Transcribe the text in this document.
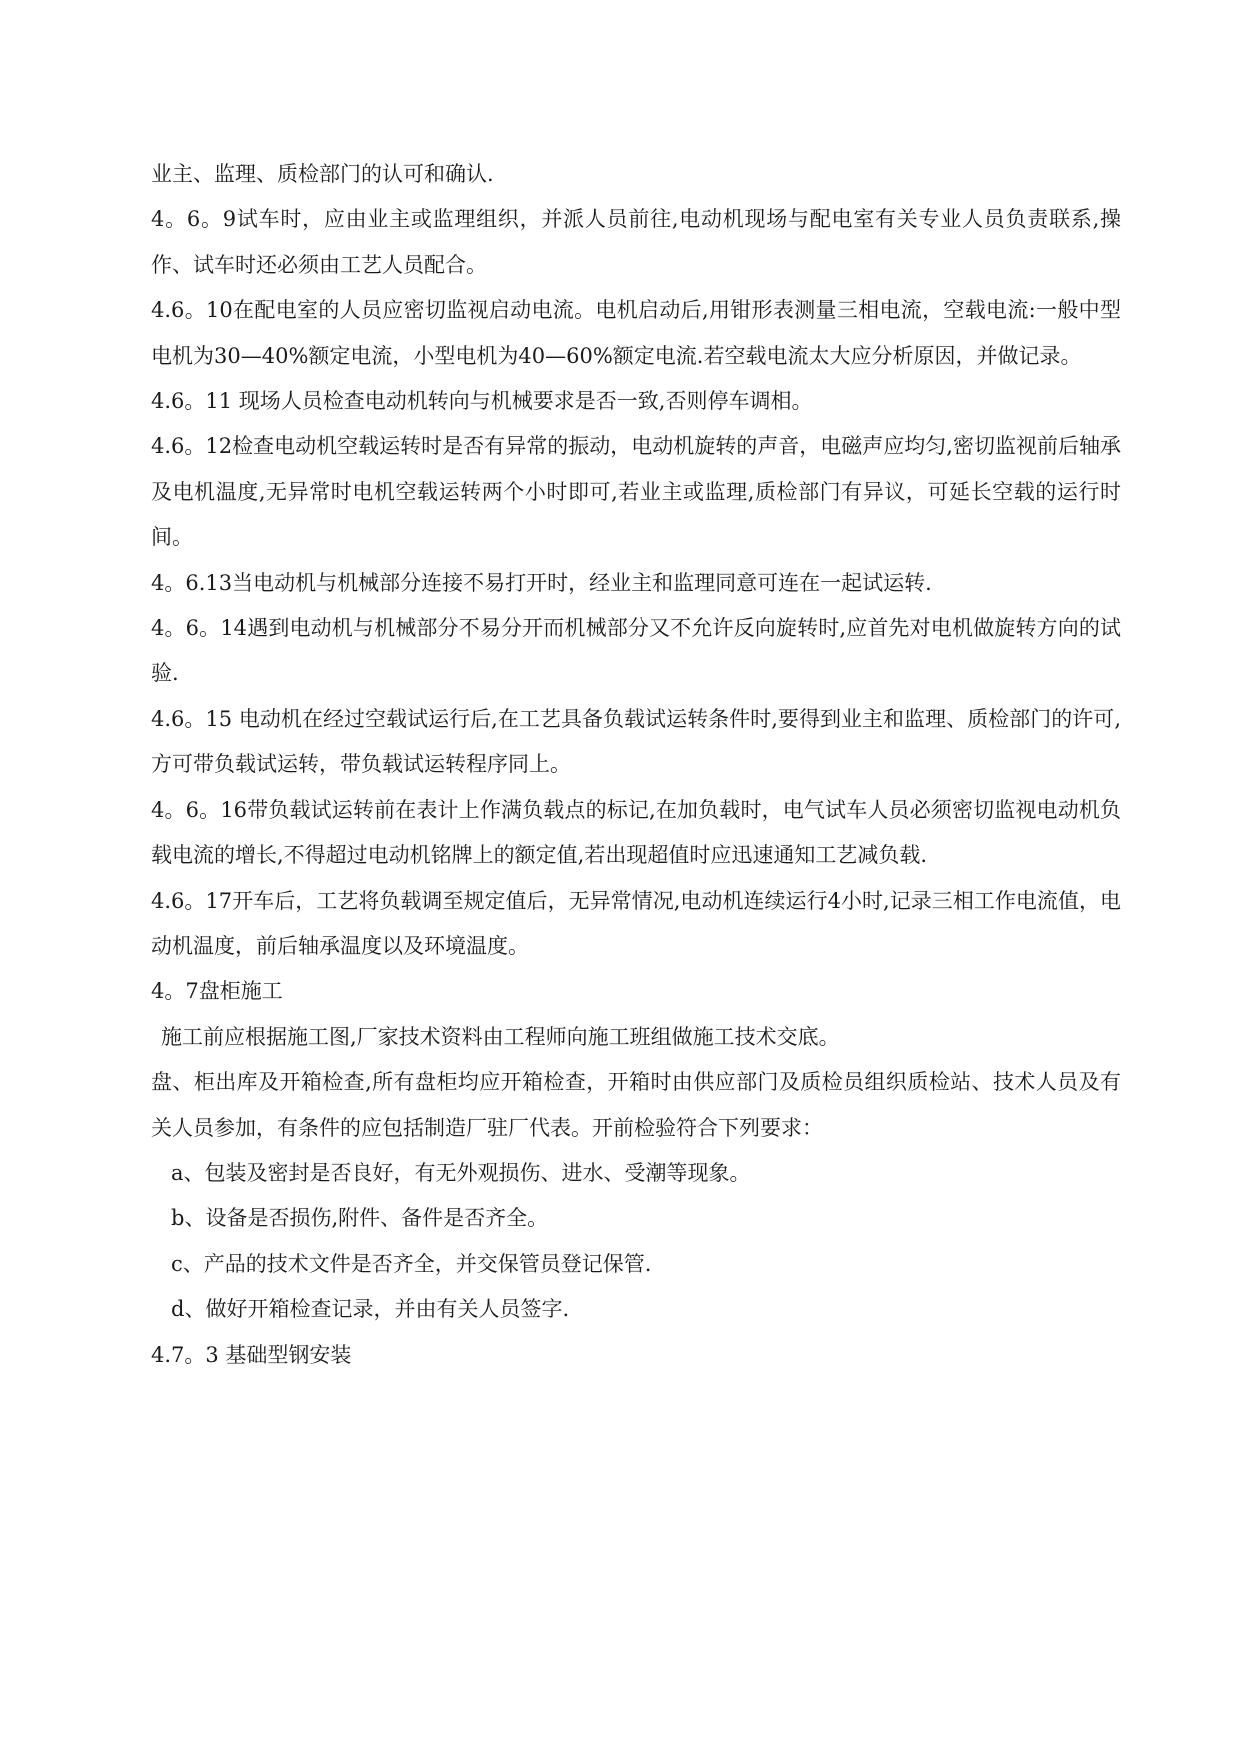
业主、监理、质检部门的认可和确认.

4。6。9试车时，应由业主或监理组织，并派人员前往,电动机现场与配电室有关专业人员负责联系,操作、试车时还必须由工艺人员配合。

4.6。10在配电室的人员应密切监视启动电流。电机启动后,用钳形表测量三相电流，空载电流:一般中型电机为30—40%额定电流，小型电机为40—60%额定电流.若空载电流太大应分析原因，并做记录。

4.6。11 现场人员检查电动机转向与机械要求是否一致,否则停车调相。

4.6。12检查电动机空载运转时是否有异常的振动，电动机旋转的声音，电磁声应均匀,密切监视前后轴承及电机温度,无异常时电机空载运转两个小时即可,若业主或监理,质检部门有异议，可延长空载的运行时间。

4。6.13当电动机与机械部分连接不易打开时，经业主和监理同意可连在一起试运转.

4。6。14遇到电动机与机械部分不易分开而机械部分又不允许反向旋转时,应首先对电机做旋转方向的试验.

4.6。15 电动机在经过空载试运行后,在工艺具备负载试运转条件时,要得到业主和监理、质检部门的许可,方可带负载试运转，带负载试运转程序同上。

4。6。16带负载试运转前在表计上作满负载点的标记,在加负载时，电气试车人员必须密切监视电动机负载电流的增长,不得超过电动机铭牌上的额定值,若出现超值时应迅速通知工艺减负载.

4.6。17开车后，工艺将负载调至规定值后，无异常情况,电动机连续运行4小时,记录三相工作电流值，电动机温度，前后轴承温度以及环境温度。

4。7盘柜施工

施工前应根据施工图,厂家技术资料由工程师向施工班组做施工技术交底。

盘、柜出库及开箱检查,所有盘柜均应开箱检查，开箱时由供应部门及质检员组织质检站、技术人员及有关人员参加，有条件的应包括制造厂驻厂代表。开前检验符合下列要求：

a、包装及密封是否良好，有无外观损伤、进水、受潮等现象。

b、设备是否损伤,附件、备件是否齐全。

c、产品的技术文件是否齐全，并交保管员登记保管.

d、做好开箱检查记录，并由有关人员签字.

4.7。3 基础型钢安装
